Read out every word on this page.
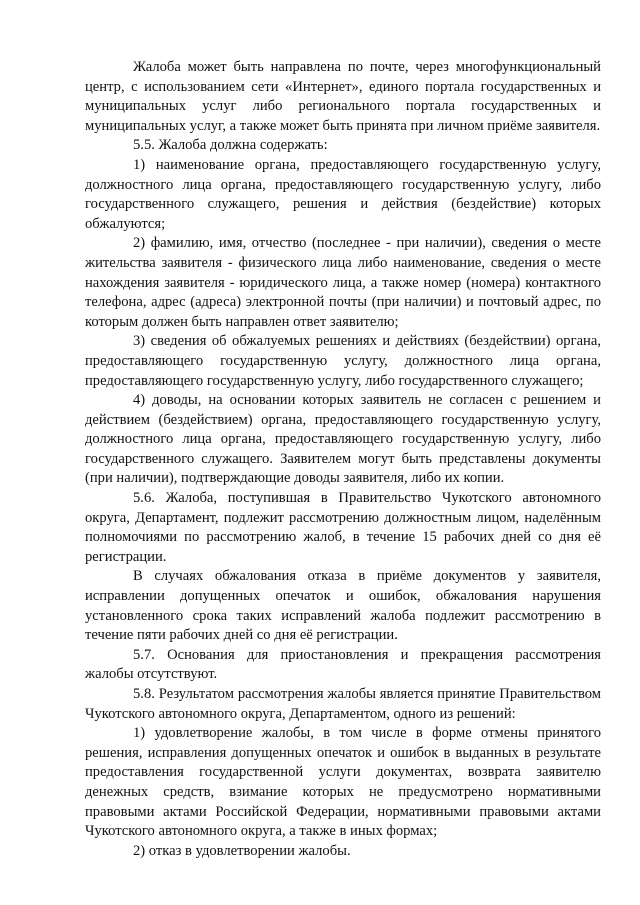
Жалоба может быть направлена по почте, через многофункциональный центр, с использованием сети «Интернет», единого портала государственных и муниципальных услуг либо регионального портала государственных и муниципальных услуг, а также может быть принята при личном приёме заявителя.

5.5. Жалоба должна содержать:

1) наименование органа, предоставляющего государственную услугу, должностного лица органа, предоставляющего государственную услугу, либо государственного служащего, решения и действия (бездействие) которых обжалуются;

2) фамилию, имя, отчество (последнее - при наличии), сведения о месте жительства заявителя - физического лица либо наименование, сведения о месте нахождения заявителя - юридического лица, а также номер (номера) контактного телефона, адрес (адреса) электронной почты (при наличии) и почтовый адрес, по которым должен быть направлен ответ заявителю;

3) сведения об обжалуемых решениях и действиях (бездействии) органа, предоставляющего государственную услугу, должностного лица органа, предоставляющего государственную услугу, либо государственного служащего;

4) доводы, на основании которых заявитель не согласен с решением и действием (бездействием) органа, предоставляющего государственную услугу, должностного лица органа, предоставляющего государственную услугу, либо государственного служащего. Заявителем могут быть представлены документы (при наличии), подтверждающие доводы заявителя, либо их копии.

5.6. Жалоба, поступившая в Правительство Чукотского автономного округа, Департамент, подлежит рассмотрению должностным лицом, наделённым полномочиями по рассмотрению жалоб, в течение 15 рабочих дней со дня её регистрации.

В случаях обжалования отказа в приёме документов у заявителя, исправлении допущенных опечаток и ошибок, обжалования нарушения установленного срока таких исправлений жалоба подлежит рассмотрению в течение пяти рабочих дней со дня её регистрации.

5.7. Основания для приостановления и прекращения рассмотрения жалобы отсутствуют.

5.8. Результатом рассмотрения жалобы является принятие Правительством Чукотского автономного округа, Департаментом, одного из решений:

1) удовлетворение жалобы, в том числе в форме отмены принятого решения, исправления допущенных опечаток и ошибок в выданных в результате предоставления государственной услуги документах, возврата заявителю денежных средств, взимание которых не предусмотрено нормативными правовыми актами Российской Федерации, нормативными правовыми актами Чукотского автономного округа, а также в иных формах;

2) отказ в удовлетворении жалобы.
